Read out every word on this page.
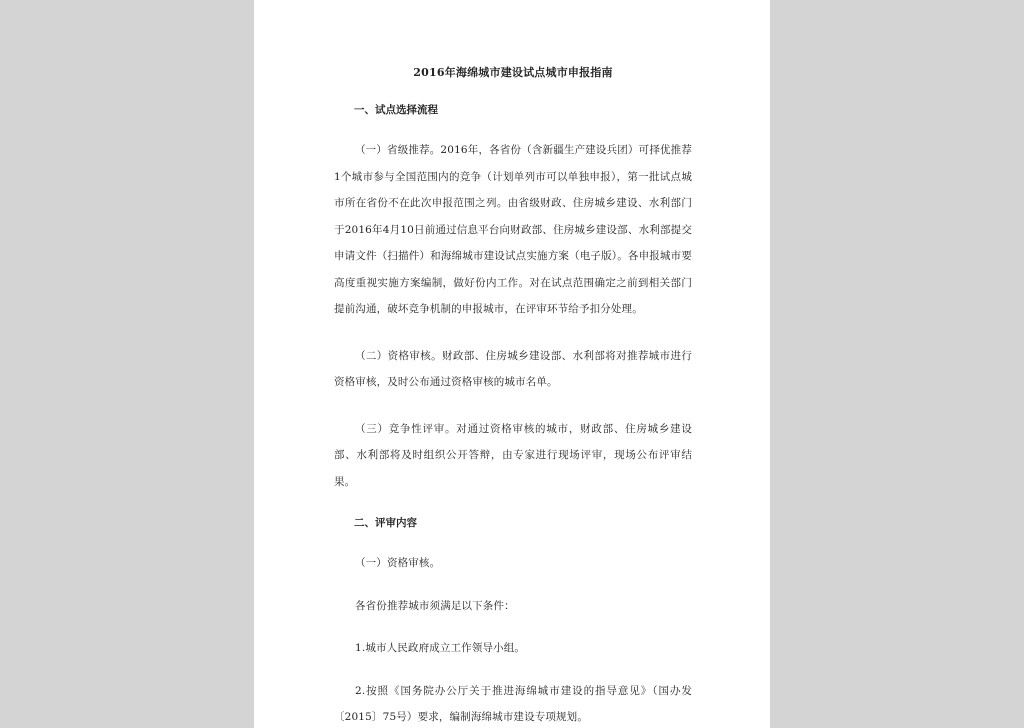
2016年海绵城市建设试点城市申报指南
一、试点选择流程

（一）省级推荐。2016年，各省份（含新疆生产建设兵团）可择优推荐1个城市参与全国范围内的竞争（计划单列市可以单独申报），第一批试点城市所在省份不在此次申报范围之列。由省级财政、住房城乡建设、水利部门于2016年4月10日前通过信息平台向财政部、住房城乡建设部、水利部提交申请文件（扫描件）和海绵城市建设试点实施方案（电子版）。各申报城市要高度重视实施方案编制，做好份内工作。对在试点范围确定之前到相关部门提前沟通，破坏竞争机制的申报城市，在评审环节给予扣分处理。

（二）资格审核。财政部、住房城乡建设部、水利部将对推荐城市进行资格审核，及时公布通过资格审核的城市名单。

（三）竞争性评审。对通过资格审核的城市，财政部、住房城乡建设部、水利部将及时组织公开答辩，由专家进行现场评审，现场公布评审结果。

二、评审内容

（一）资格审核。

各省份推荐城市须满足以下条件：

1.城市人民政府成立工作领导小组。

2.按照《国务院办公厅关于推进海绵城市建设的指导意见》（国办发〔2015〕75号）要求，编制海绵城市建设专项规划。
